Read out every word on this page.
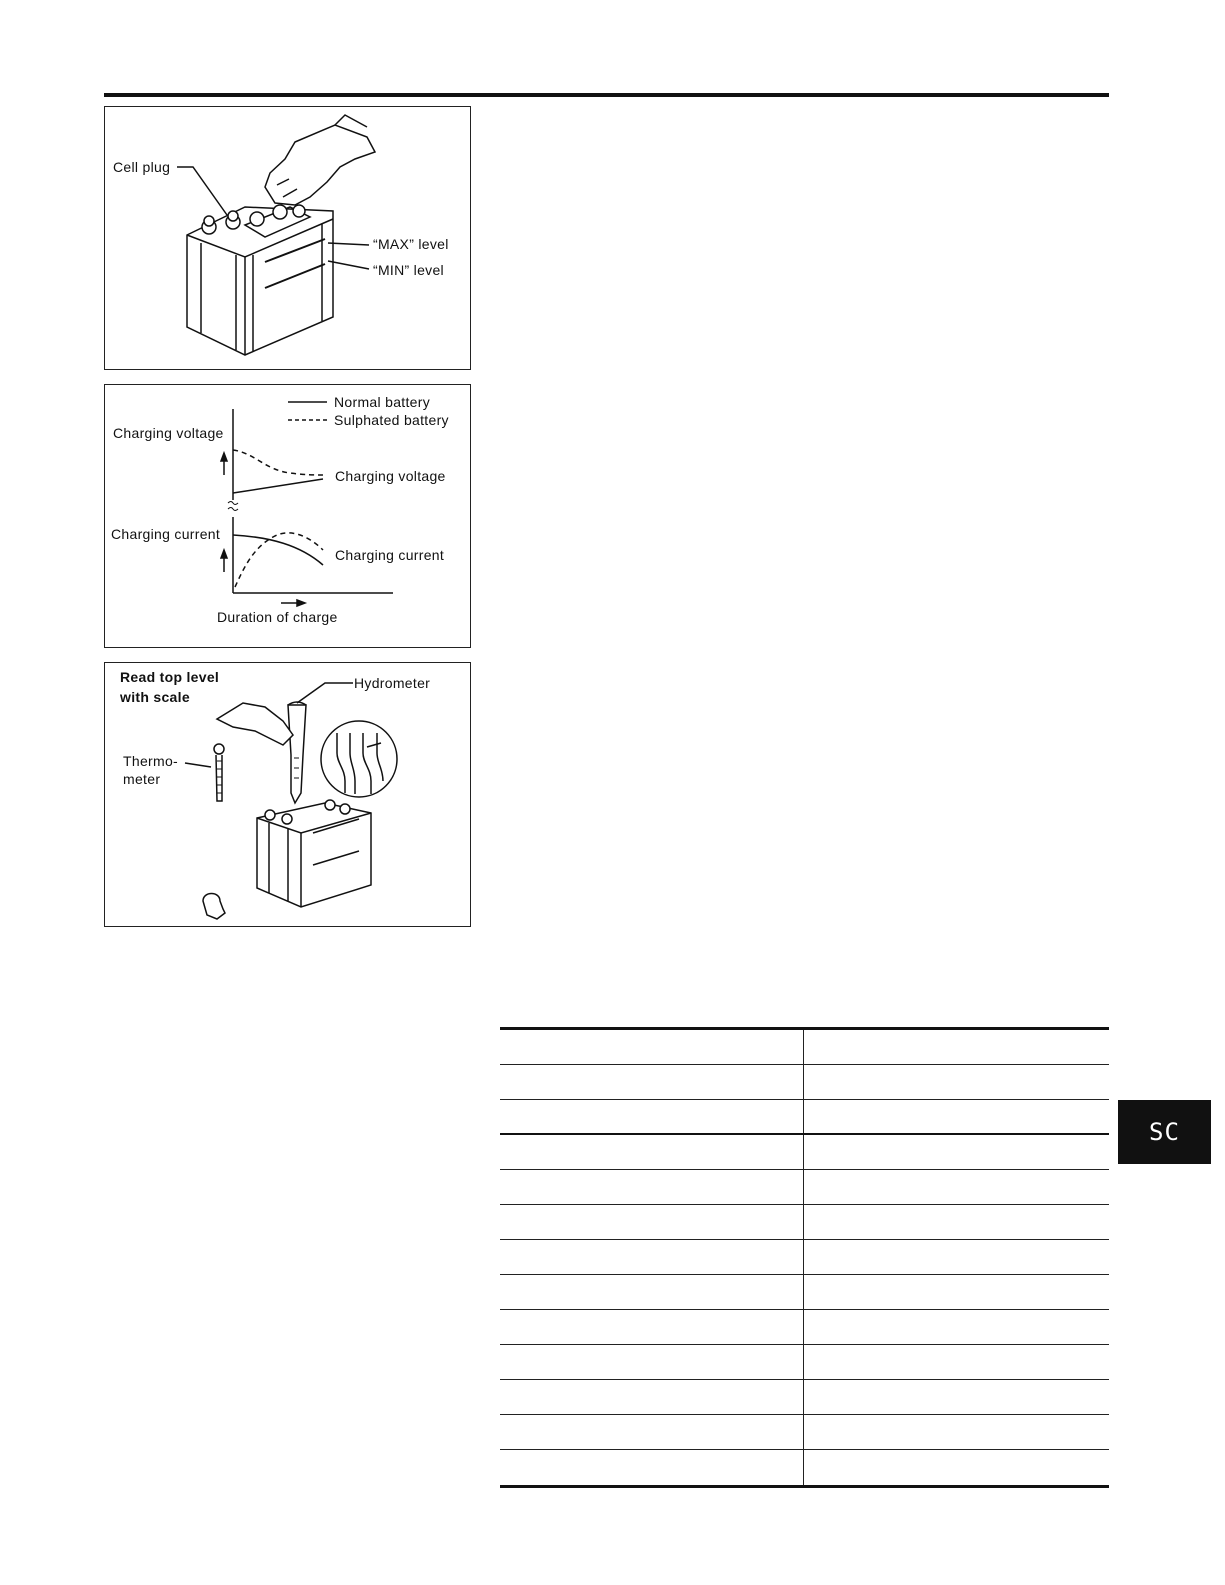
Cell plug
“MAX” level
“MIN” level
Normal battery
Sulphated battery
Charging voltage
Charging voltage
Charging current
Charging current
Duration of charge
Read top level
with scale
Hydrometer
Thermo-
meter
SC
